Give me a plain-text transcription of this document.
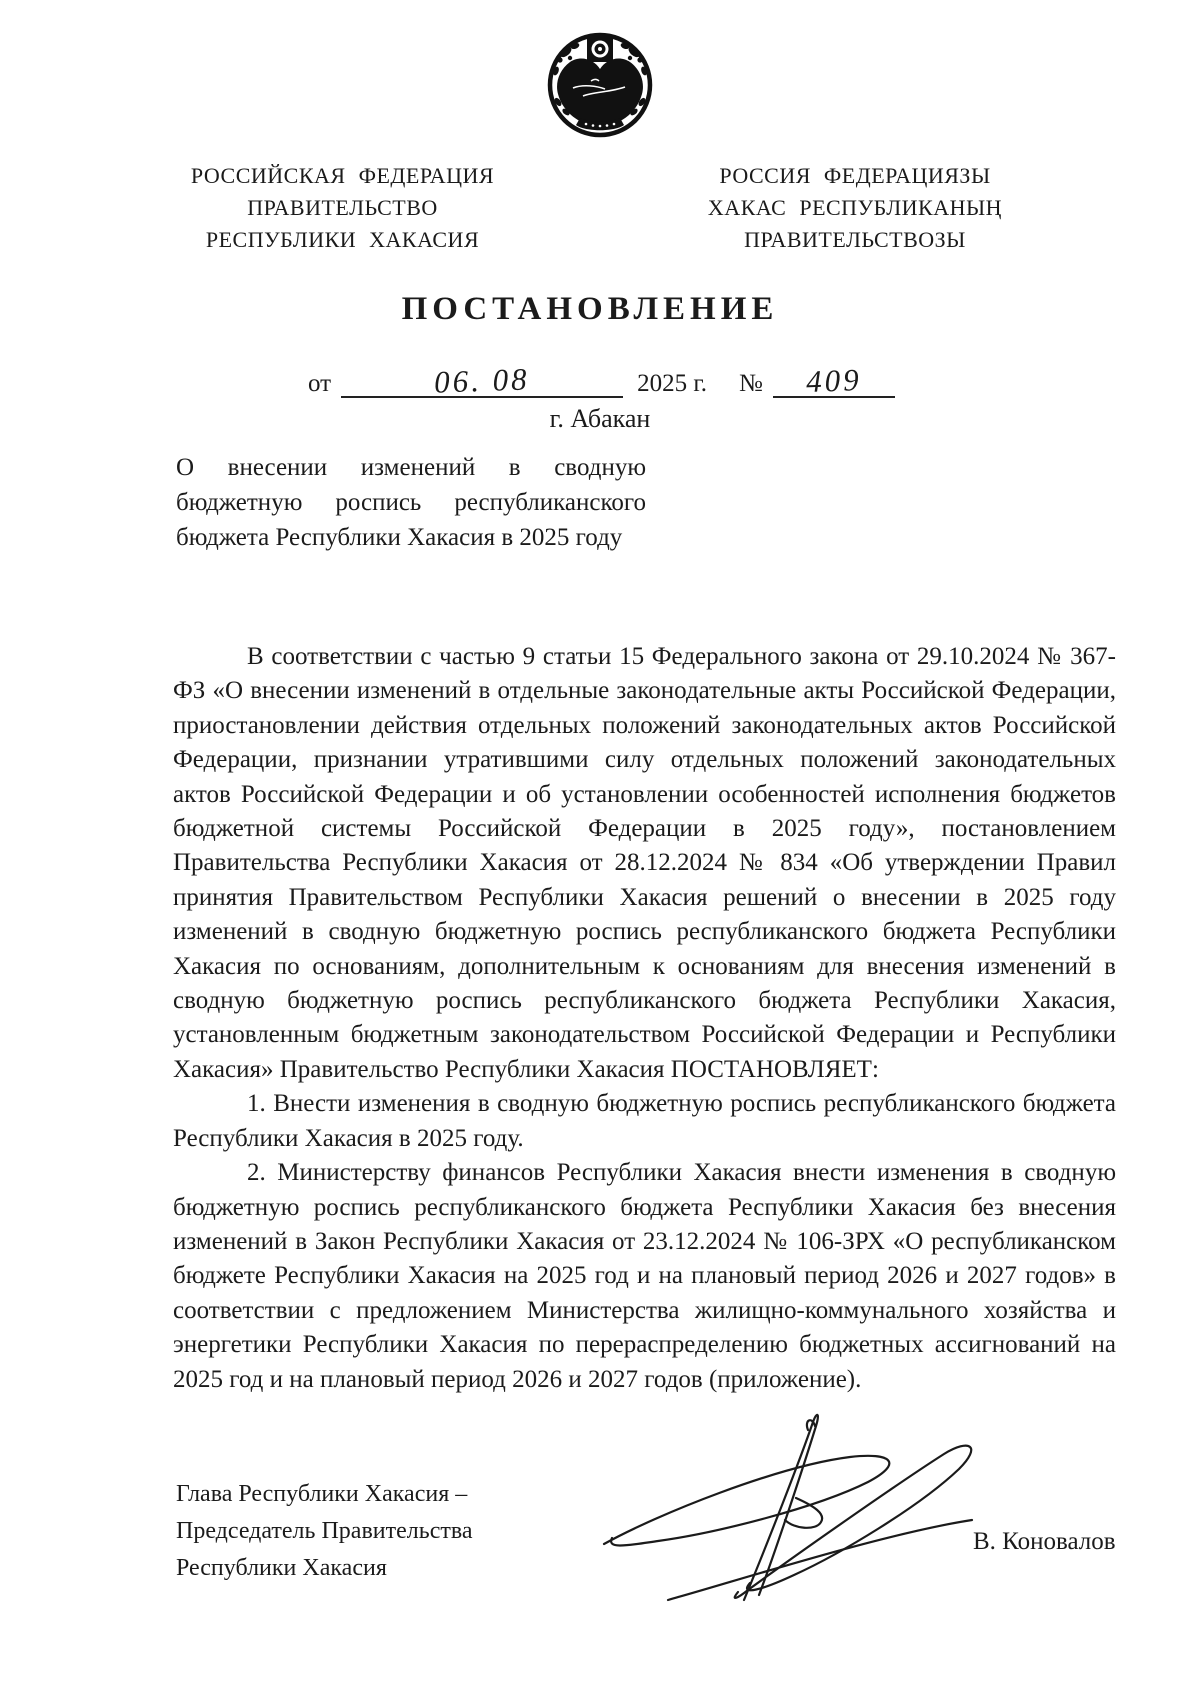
РОССИЙСКАЯ ФЕДЕРАЦИЯ
ПРАВИТЕЛЬСТВО
РЕСПУБЛИКИ ХАКАСИЯ
РОССИЯ ФЕДЕРАЦИЯЗЫ
ХАКАС РЕСПУБЛИКАНЫҢ
ПРАВИТЕЛЬСТВОЗЫ
ПОСТАНОВЛЕНИЕ
от	06. 08	2025 г. № 409
г. Абакан
О внесении изменений в сводную бюджетную роспись республиканского бюджета Республики Хакасия в 2025 году

В соответствии с частью 9 статьи 15 Федерального закона от 29.10.2024 № 367-ФЗ «О внесении изменений в отдельные законодательные акты Российской Федерации, приостановлении действия отдельных положений законодательных актов Российской Федерации, признании утратившими силу отдельных положений законодательных актов Российской Федерации и об установлении особенностей исполнения бюджетов бюджетной системы Российской Федерации в 2025 году», постановлением Правительства Республики Хакасия от 28.12.2024 № 834 «Об утверждении Правил принятия Правительством Республики Хакасия решений о внесении в 2025 году изменений в сводную бюджетную роспись республиканского бюджета Республики Хакасия по основаниям, дополнительным к основаниям для внесения изменений в сводную бюджетную роспись республиканского бюджета Республики Хакасия, установленным бюджетным законодательством Российской Федерации и Республики Хакасия» Правительство Республики Хакасия ПОСТАНОВЛЯЕТ:

1. Внести изменения в сводную бюджетную роспись республиканского бюджета Республики Хакасия в 2025 году.

2. Министерству финансов Республики Хакасия внести изменения в сводную бюджетную роспись республиканского бюджета Республики Хакасия без внесения изменений в Закон Республики Хакасия от 23.12.2024 № 106-ЗРХ «О республиканском бюджете Республики Хакасия на 2025 год и на плановый период 2026 и 2027 годов» в соответствии с предложением Министерства жилищно-коммунального хозяйства и энергетики Республики Хакасия по перераспределению бюджетных ассигнований на 2025 год и на плановый период 2026 и 2027 годов (приложение).

Глава Республики Хакасия –
Председатель Правительства
Республики Хакасия
В. Коновалов
